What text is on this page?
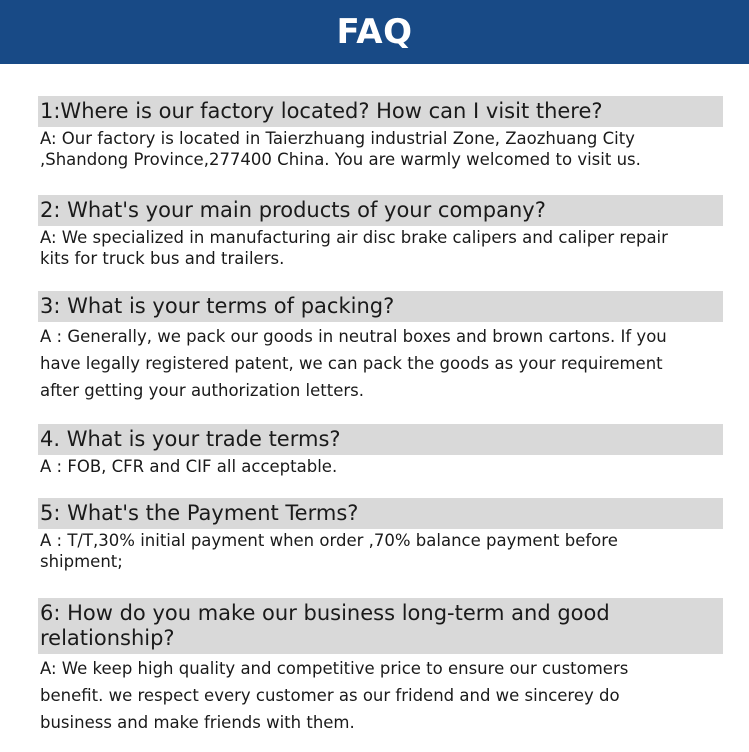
FAQ
1:Where is our factory located? How can I visit there?
A: Our factory is located in Taierzhuang industrial Zone, Zaozhuang City
,Shandong Province,277400 China. You are warmly welcomed to visit us.
2: What's your main products of your company?
A: We specialized in manufacturing air disc brake calipers and caliper repair
kits for truck bus and trailers.
3: What is your terms of packing?
A : Generally, we pack our goods in neutral boxes and brown cartons. If you
have legally registered patent, we can pack the goods as your requirement
after getting your authorization letters.
4. What is your trade terms?
A : FOB, CFR and CIF all acceptable.
5: What's the Payment Terms?
A : T/T,30% initial payment when order ,70% balance payment before
shipment;
6: How do you make our business long-term and good
relationship?
A: We keep high quality and competitive price to ensure our customers
benefit. we respect every customer as our fridend and we sincerey do
business and make friends with them.
